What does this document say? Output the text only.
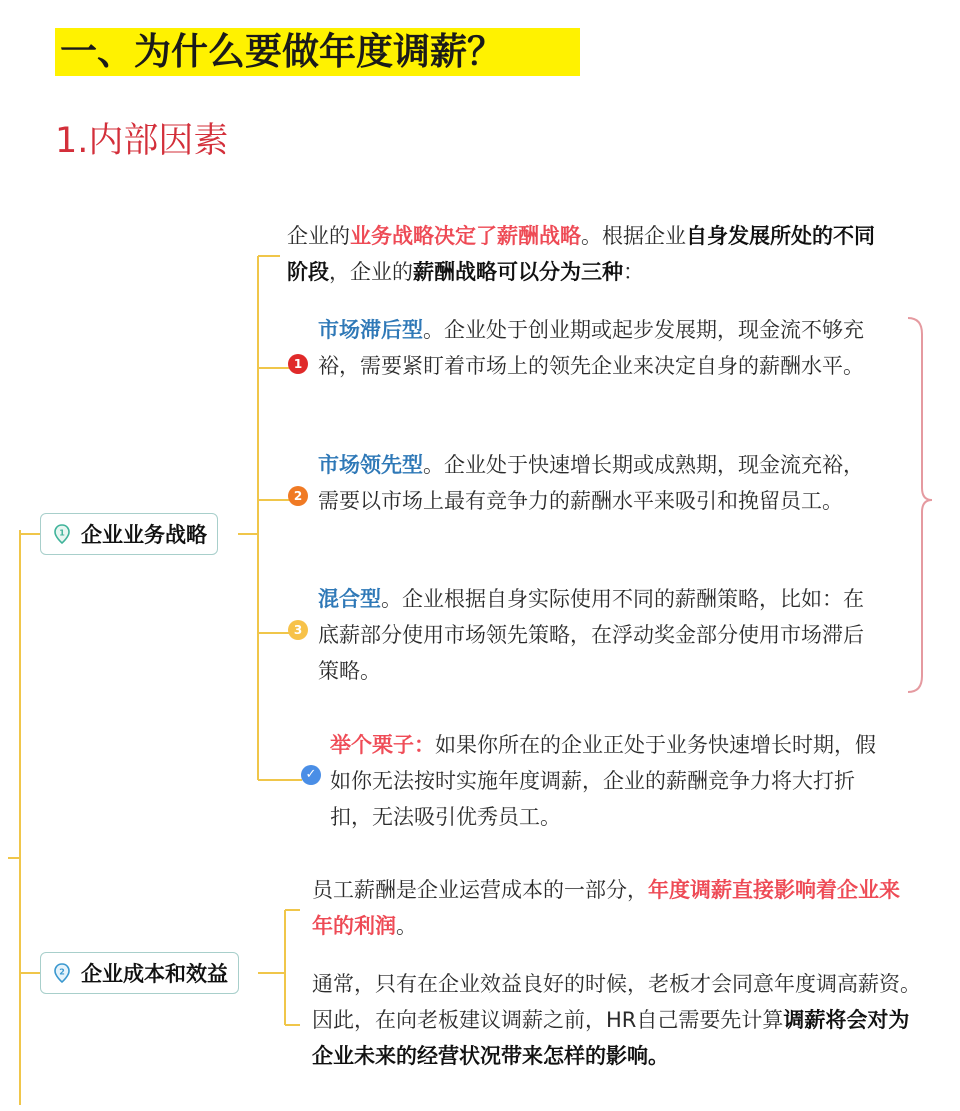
一、为什么要做年度调薪？
1.内部因素
1 企业业务战略
2 企业成本和效益
企业的业务战略决定了薪酬战略。根据企业自身发展所处的不同阶段，企业的薪酬战略可以分为三种：
1
市场滞后型。企业处于创业期或起步发展期，现金流不够充裕，需要紧盯着市场上的领先企业来决定自身的薪酬水平。
2
市场领先型。企业处于快速增长期或成熟期，现金流充裕，需要以市场上最有竞争力的薪酬水平来吸引和挽留员工。
3
混合型。企业根据自身实际使用不同的薪酬策略，比如：在底薪部分使用市场领先策略，在浮动奖金部分使用市场滞后策略。
✓
举个栗子：如果你所在的企业正处于业务快速增长时期，假如你无法按时实施年度调薪，企业的薪酬竞争力将大打折扣，无法吸引优秀员工。
员工薪酬是企业运营成本的一部分，年度调薪直接影响着企业来年的利润。
通常，只有在企业效益良好的时候，老板才会同意年度调高薪资。因此，在向老板建议调薪之前，HR自己需要先计算调薪将会对为企业未来的经营状况带来怎样的影响。
